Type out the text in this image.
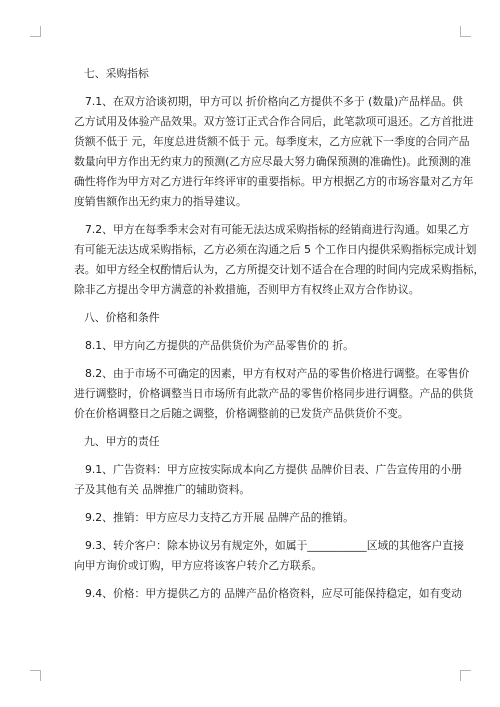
七、采购指标
7.1、在双方洽谈初期，甲方可以 折价格向乙方提供不多于 (数量)产品样品。供
乙方试用及体验产品效果。双方签订正式合作合同后，此笔款项可退还。乙方首批进
货额不低于 元，年度总进货额不低于 元。每季度末，乙方应就下一季度的合同产品
数量向甲方作出无约束力的预测(乙方应尽最大努力确保预测的准确性)。此预测的准
确性将作为甲方对乙方进行年终评审的重要指标。甲方根据乙方的市场容量对乙方年
度销售额作出无约束力的指导建议。
7.2、甲方在每季季末会对有可能无法达成采购指标的经销商进行沟通。如果乙方
有可能无法达成采购指标，乙方必须在沟通之后 5 个工作日内提供采购指标完成计划
表。如甲方经全权酌情后认为，乙方所提交计划不适合在合理的时间内完成采购指标，
除非乙方提出令甲方满意的补救措施，否则甲方有权终止双方合作协议。
八、价格和条件
8.1、甲方向乙方提供的产品供货价为产品零售价的 折。
8.2、由于市场不可确定的因素，甲方有权对产品的零售价格进行调整。在零售价
进行调整时，价格调整当日市场所有此款产品的零售价格同步进行调整。产品的供货
价在价格调整日之后随之调整，价格调整前的已发货产品供货价不变。
九、甲方的责任
9.1、广告资料：甲方应按实际成本向乙方提供 品牌价目表、广告宣传用的小册
子及其他有关 品牌推广的辅助资料。
9.2、推销：甲方应尽力支持乙方开展 品牌产品的推销。
9.3、转介客户：除本协议另有规定外，如属于___________区域的其他客户直接
向甲方询价或订购，甲方应将该客户转介乙方联系。
9.4、价格：甲方提供乙方的 品牌产品价格资料，应尽可能保持稳定，如有变动
